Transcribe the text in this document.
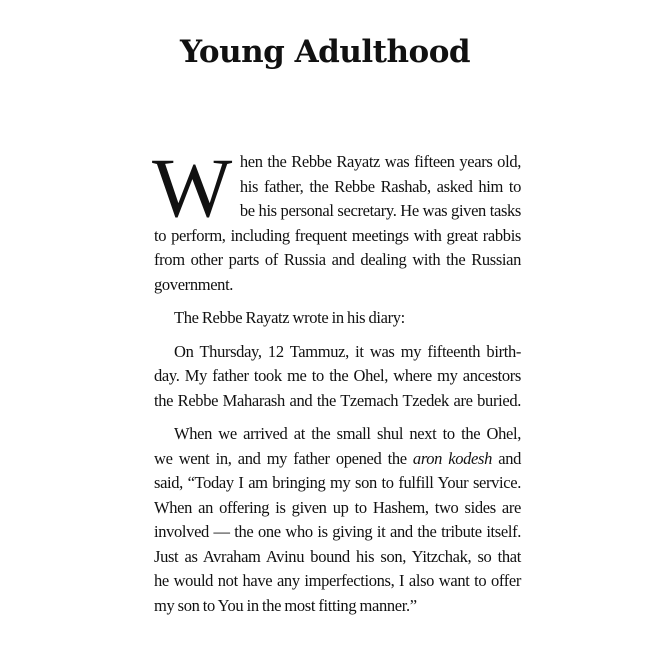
Young Adulthood
W hen the Rebbe Rayatz was fifteen years old,
his father, the Rebbe Rashab, asked him to
be his personal secretary. He was given tasks
to perform, including frequent meetings with great rabbis
from other parts of Russia and dealing with the Russian
government.
The Rebbe Rayatz wrote in his diary:
On Thursday, 12 Tammuz, it was my fifteenth birth-
day. My father took me to the Ohel, where my ancestors
the Rebbe Maharash and the Tzemach Tzedek are buried.
When we arrived at the small shul next to the Ohel,
we went in, and my father opened the aron kodesh and
said, “Today I am bringing my son to fulfill Your service.
When an offering is given up to Hashem, two sides are
involved — the one who is giving it and the tribute itself.
Just as Avraham Avinu bound his son, Yitzchak, so that
he would not have any imperfections, I also want to offer
my son to You in the most fitting manner.”
